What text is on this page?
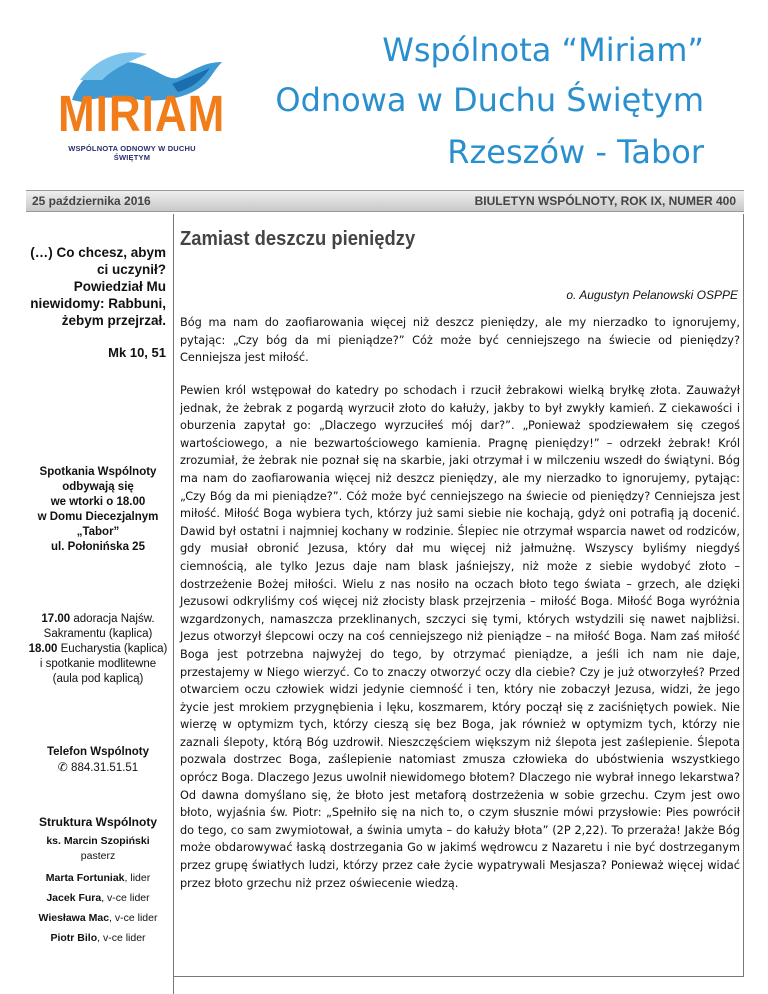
MIRIAM
WSPÓLNOTA ODNOWY W DUCHU ŚWIĘTYM
Wspólnota “Miriam”
Odnowa w Duchu Świętym
Rzeszów - Tabor
25 października 2016	BIULETYN WSPÓLNOTY, ROK IX, NUMER 400
(…) Co chcesz, abym ci uczynił? Powiedział Mu niewidomy: Rabbuni, żebym przejrzał.
Mk 10, 51
Spotkania Wspólnoty
odbywają się
we wtorki o 18.00
w Domu Diecezjalnym
„Tabor”
ul. Połonińska 25
17.00 adoracja Najśw. Sakramentu (kaplica)
18.00 Eucharystia (kaplica) i spotkanie modlitewne (aula pod kaplicą)
Telefon Wspólnoty
✆ 884.31.51.51
Struktura Wspólnoty
ks. Marcin Szopiński
pasterz
Marta Fortuniak, lider
Jacek Fura, v-ce lider
Wiesława Mac, v-ce lider
Piotr Bilo, v-ce lider
Zamiast deszczu pieniędzy
o. Augustyn Pelanowski OSPPE
Bóg ma nam do zaofiarowania więcej niż deszcz pieniędzy, ale my nierzadko to ignorujemy, pytając: „Czy bóg da mi pieniądze?” Cóż może być cenniejszego na świecie od pieniędzy? Cenniejsza jest miłość.
Pewien król wstępował do katedry po schodach i rzucił żebrakowi wielką bryłkę złota. Zauważył jednak, że żebrak z pogardą wyrzucił złoto do kałuży, jakby to był zwykły kamień. Z ciekawości i oburzenia zapytał go: „Dlaczego wyrzuciłeś mój dar?”. „Ponieważ spodziewałem się czegoś wartościowego, a nie bezwartościowego kamienia. Pragnę pieniędzy!” – odrzekł żebrak! Król zrozumiał, że żebrak nie poznał się na skarbie, jaki otrzymał i w milczeniu wszedł do świątyni. Bóg ma nam do zaofiarowania więcej niż deszcz pieniędzy, ale my nierzadko to ignorujemy, pytając: „Czy Bóg da mi pieniądze?”. Cóż może być cenniejszego na świecie od pieniędzy? Cenniejsza jest miłość. Miłość Boga wybiera tych, którzy już sami siebie nie kochają, gdyż oni potrafią ją docenić. Dawid był ostatni i najmniej kochany w rodzinie. Ślepiec nie otrzymał wsparcia nawet od rodziców, gdy musiał obronić Jezusa, który dał mu więcej niż jałmużnę. Wszyscy byliśmy niegdyś ciemnością, ale tylko Jezus daje nam blask jaśniejszy, niż może z siebie wydobyć złoto – dostrzeżenie Bożej miłości. Wielu z nas nosiło na oczach błoto tego świata – grzech, ale dzięki Jezusowi odkryliśmy coś więcej niż złocisty blask przejrzenia – miłość Boga. Miłość Boga wyróżnia wzgardzonych, namaszcza przeklinanych, szczyci się tymi, których wstydzili się nawet najbliżsi. Jezus otworzył ślepcowi oczy na coś cenniejszego niż pieniądze – na miłość Boga. Nam zaś miłość Boga jest potrzebna najwyżej do tego, by otrzymać pieniądze, a jeśli ich nam nie daje, przestajemy w Niego wierzyć. Co to znaczy otworzyć oczy dla ciebie? Czy je już otworzyłeś? Przed otwarciem oczu człowiek widzi jedynie ciemność i ten, który nie zobaczył Jezusa, widzi, że jego życie jest mrokiem przygnębienia i lęku, koszmarem, który począł się z zaciśniętych powiek. Nie wierzę w optymizm tych, którzy cieszą się bez Boga, jak również w optymizm tych, którzy nie zaznali ślepoty, którą Bóg uzdrowił. Nieszczęściem większym niż ślepota jest zaślepienie. Ślepota pozwala dostrzec Boga, zaślepienie natomiast zmusza człowieka do ubóstwienia wszystkiego oprócz Boga. Dlaczego Jezus uwolnił niewidomego błotem? Dlaczego nie wybrał innego lekarstwa? Od dawna domyślano się, że błoto jest metaforą dostrzeżenia w sobie grzechu. Czym jest owo błoto, wyjaśnia św. Piotr: „Spełniło się na nich to, o czym słusznie mówi przysłowie: Pies powrócił do tego, co sam zwymiotował, a świnia umyta – do kałuży błota” (2P 2,22). To przeraża! Jakże Bóg może obdarowywać łaską dostrzegania Go w jakimś wędrowcu z Nazaretu i nie być dostrzeganym przez grupę światłych ludzi, którzy przez całe życie wypatrywali Mesjasza? Ponieważ więcej widać przez błoto grzechu niż przez oświecenie wiedzą.
